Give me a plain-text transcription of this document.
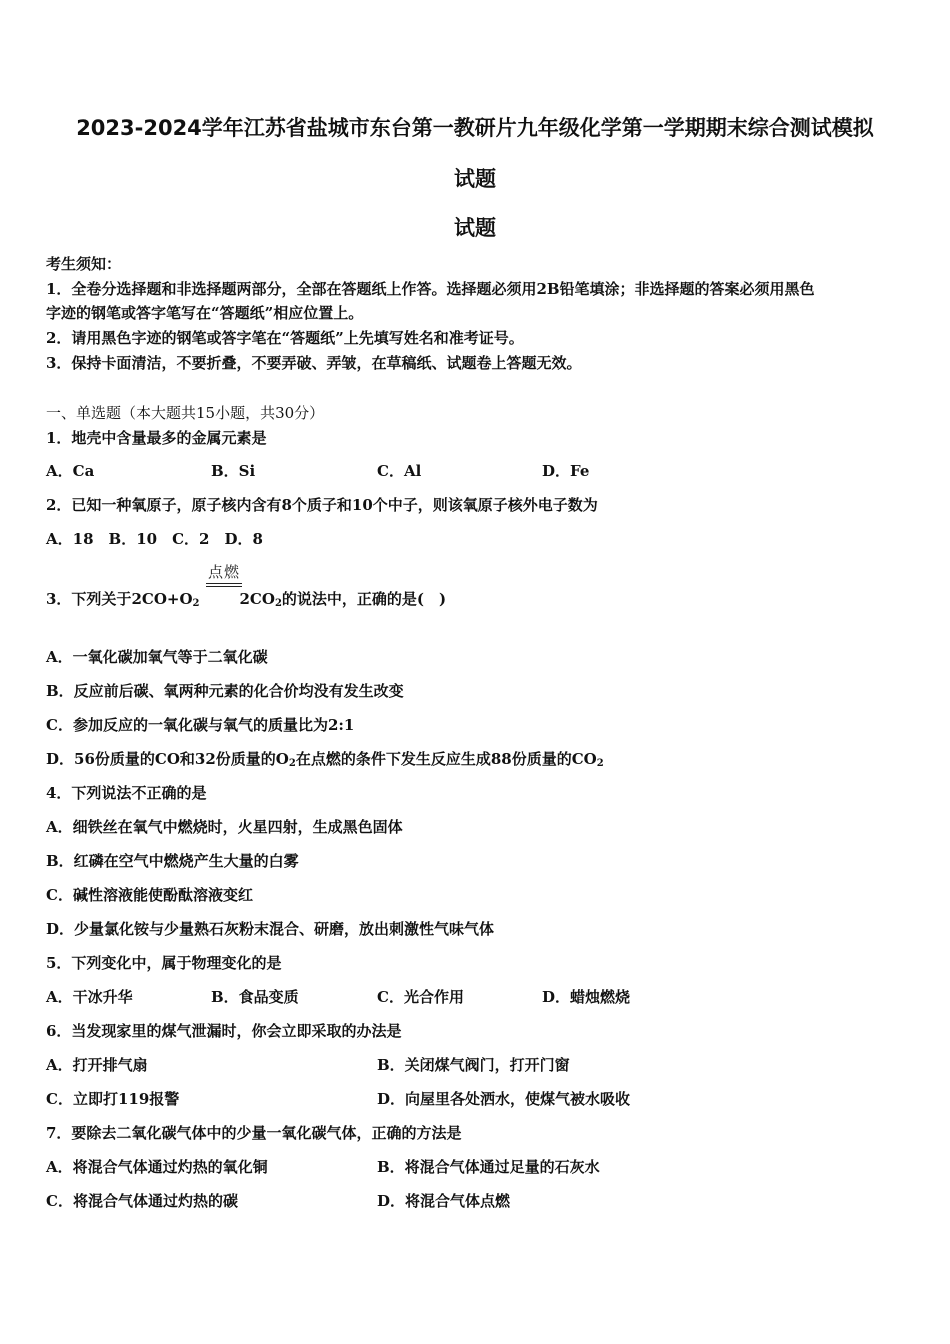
2023-2024学年江苏省盐城市东台第一教研片九年级化学第一学期期末综合测试模拟
试题
试题
考生须知：
1．全卷分选择题和非选择题两部分，全部在答题纸上作答。选择题必须用2B铅笔填涂；非选择题的答案必须用黑色
字迹的钢笔或答字笔写在“答题纸”相应位置上。
2．请用黑色字迹的钢笔或答字笔在“答题纸”上先填写姓名和准考证号。
3．保持卡面清洁，不要折叠，不要弄破、弄皱，在草稿纸、试题卷上答题无效。
一、单选题（本大题共15小题，共30分）
1．地壳中含量最多的金属元素是
A．Ca	B．Si	C．Al	D．Fe
2．已知一种氧原子，原子核内含有8个质子和10个中子，则该氧原子核外电子数为
A．18　B．10　C．2　D．8
点燃
3．下列关于$2CO+O_2$	$2CO_2$的说法中，正确的是(　)
A．一氧化碳加氧气等于二氧化碳
B．反应前后碳、氧两种元素的化合价均没有发生改变
C．参加反应的一氧化碳与氧气的质量比为2:1
D．56份质量的CO和32份质量的$O_2$在点燃的条件下发生反应生成88份质量的$CO_2$
4．下列说法不正确的是
A．细铁丝在氧气中燃烧时，火星四射，生成黑色固体
B．红磷在空气中燃烧产生大量的白雾
C．碱性溶液能使酚酞溶液变红
D．少量氯化铵与少量熟石灰粉末混合、研磨，放出刺激性气味气体
5．下列变化中，属于物理变化的是
A．干冰升华	B．食品变质	C．光合作用	D．蜡烛燃烧
6．当发现家里的煤气泄漏时，你会立即采取的办法是
A．打开排气扇	B．关闭煤气阀门，打开门窗
C．立即打119报警	D．向屋里各处洒水，使煤气被水吸收
7．要除去二氧化碳气体中的少量一氧化碳气体，正确的方法是
A．将混合气体通过灼热的氧化铜	B．将混合气体通过足量的石灰水
C．将混合气体通过灼热的碳	D．将混合气体点燃
